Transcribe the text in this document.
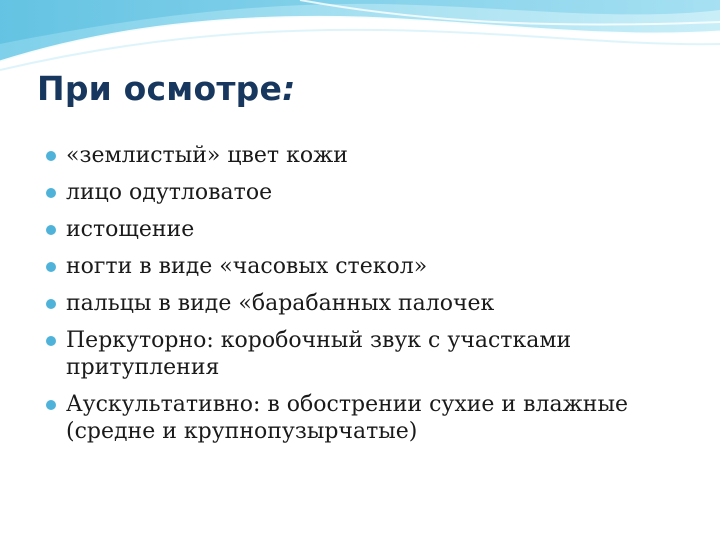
При осмотре:
«землистый» цвет кожи
лицо одутловатое
истощение
ногти в виде «часовых стекол»
пальцы в виде «барабанных палочек
Перкуторно: коробочный звук с участками притупления
Аускультативно: в обострении сухие и влажные (средне и крупнопузырчатые)
